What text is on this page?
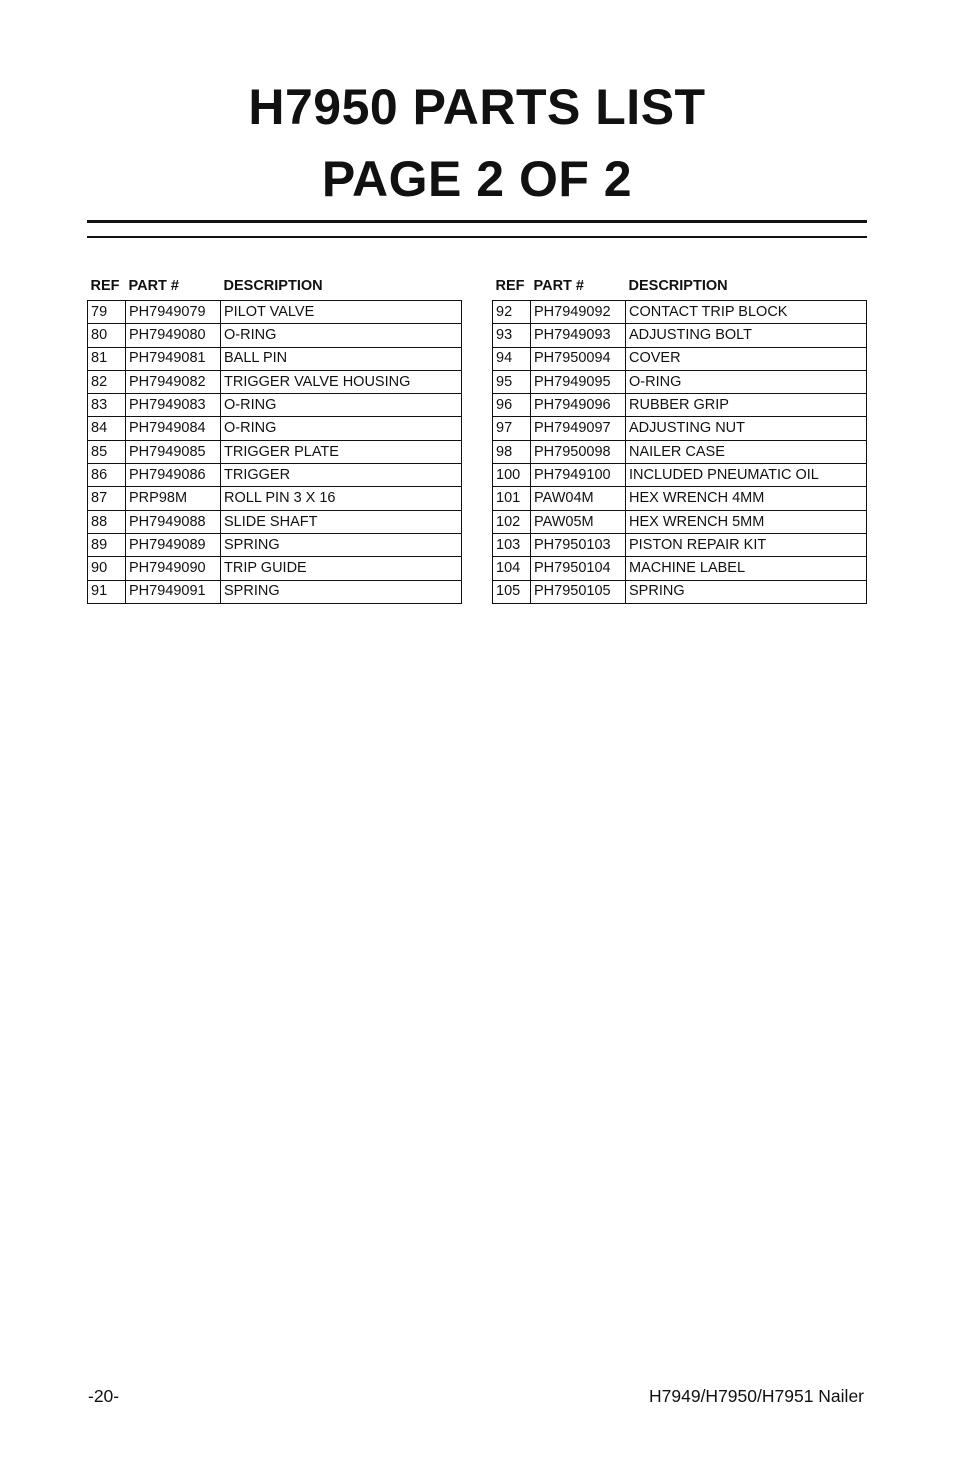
H7950 PARTS LIST
PAGE 2 OF 2
REF	PART #	DESCRIPTION
79	PH7949079	PILOT VALVE
80	PH7949080	O-RING
81	PH7949081	BALL PIN
82	PH7949082	TRIGGER VALVE HOUSING
83	PH7949083	O-RING
84	PH7949084	O-RING
85	PH7949085	TRIGGER PLATE
86	PH7949086	TRIGGER
87	PRP98M	ROLL PIN 3 X 16
88	PH7949088	SLIDE SHAFT
89	PH7949089	SPRING
90	PH7949090	TRIP GUIDE
91	PH7949091	SPRING
REF	PART #	DESCRIPTION
92	PH7949092	CONTACT TRIP BLOCK
93	PH7949093	ADJUSTING BOLT
94	PH7950094	COVER
95	PH7949095	O-RING
96	PH7949096	RUBBER GRIP
97	PH7949097	ADJUSTING NUT
98	PH7950098	NAILER CASE
100	PH7949100	INCLUDED PNEUMATIC OIL
101	PAW04M	HEX WRENCH 4MM
102	PAW05M	HEX WRENCH 5MM
103	PH7950103	PISTON REPAIR KIT
104	PH7950104	MACHINE LABEL
105	PH7950105	SPRING
-20-	H7949/H7950/H7951 Nailer
